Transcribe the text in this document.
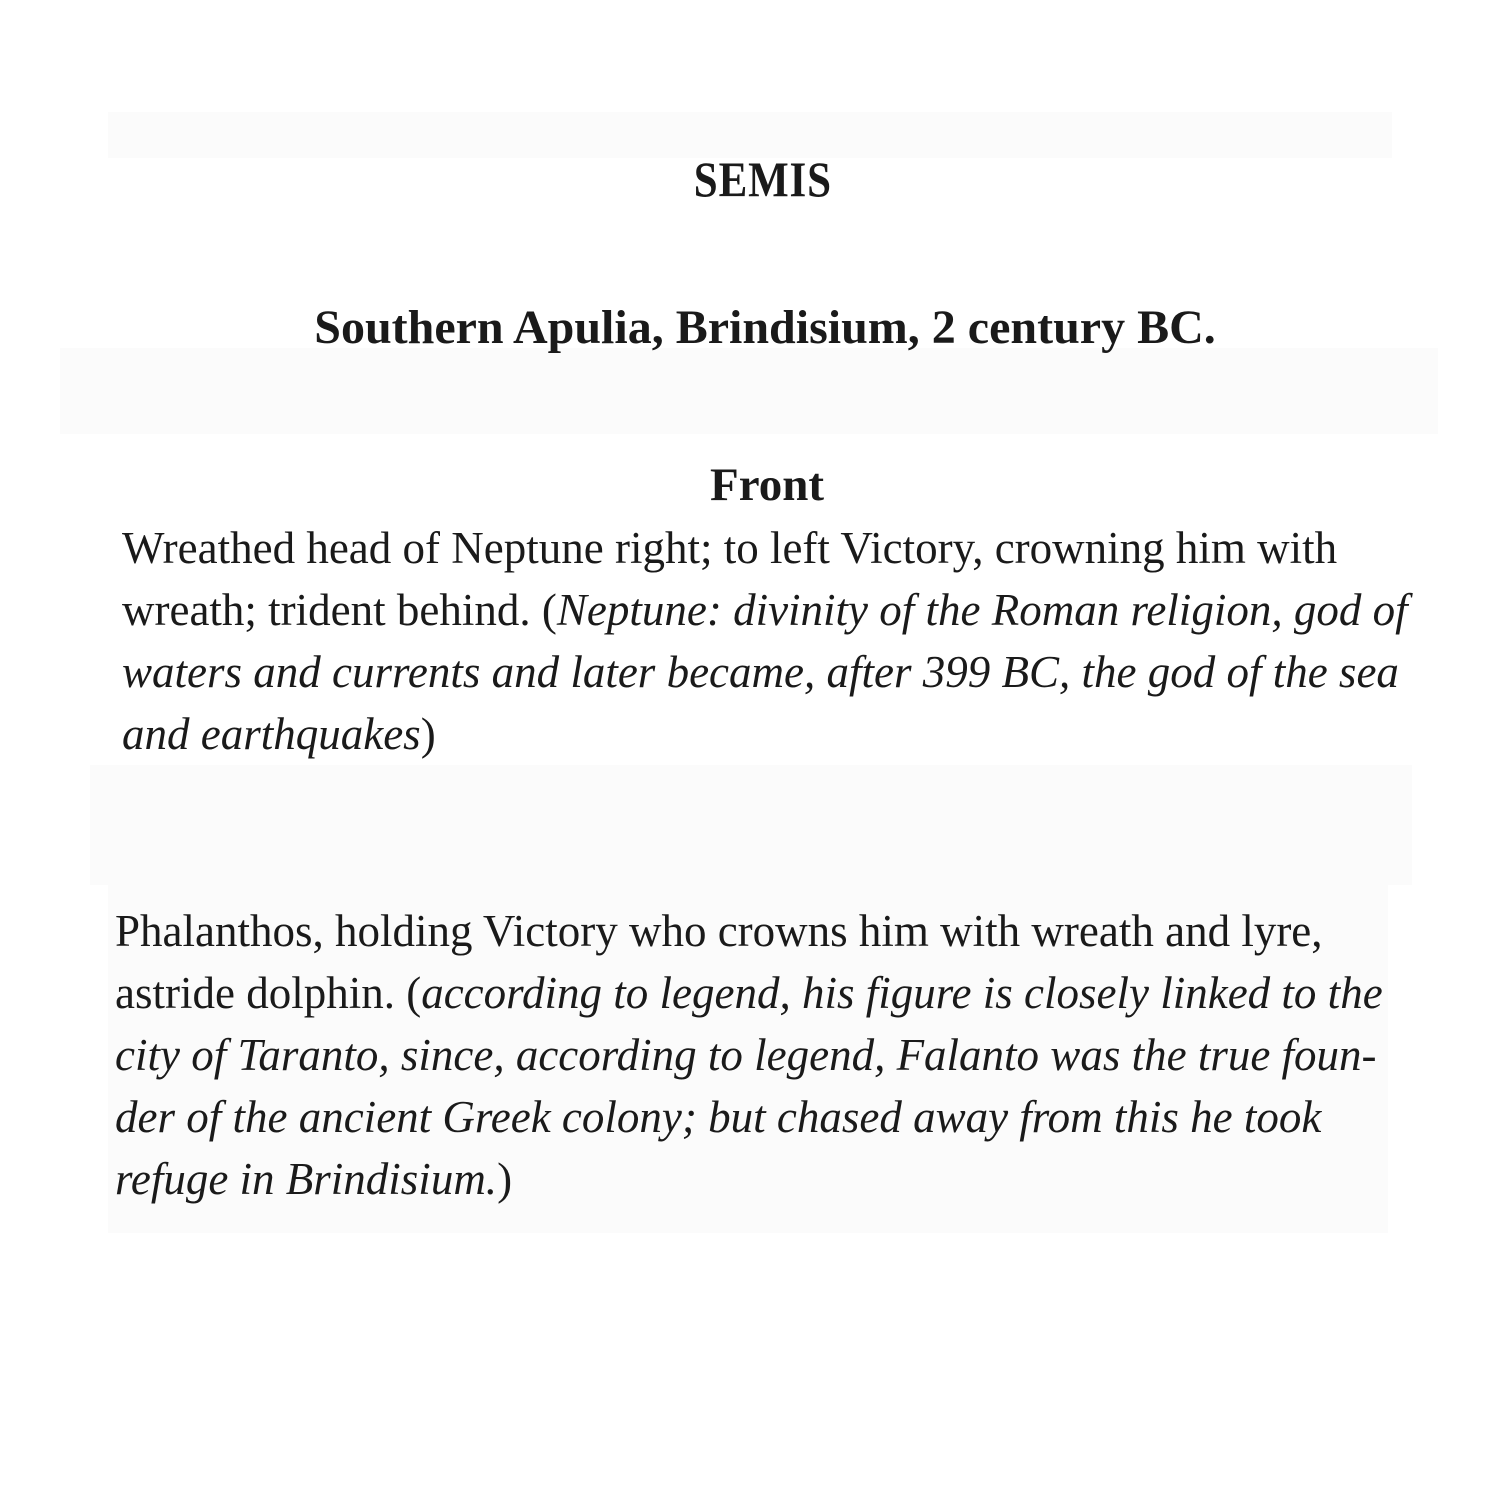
SEMIS
Southern Apulia, Brindisium, 2 century BC.
Front

Wreathed head of Neptune right; to left Victory, crowning him with
wreath; trident behind. (Neptune: divinity of the Roman religion, god of
waters and currents and later became, after 399 BC, the god of the sea
and earthquakes)

Phalanthos, holding Victory who crowns him with wreath and lyre,
astride dolphin. (according to legend, his figure is closely linked to the
city of Taranto, since, according to legend, Falanto was the true foun-
der of the ancient Greek colony; but chased away from this he took
refuge in Brindisium.)
